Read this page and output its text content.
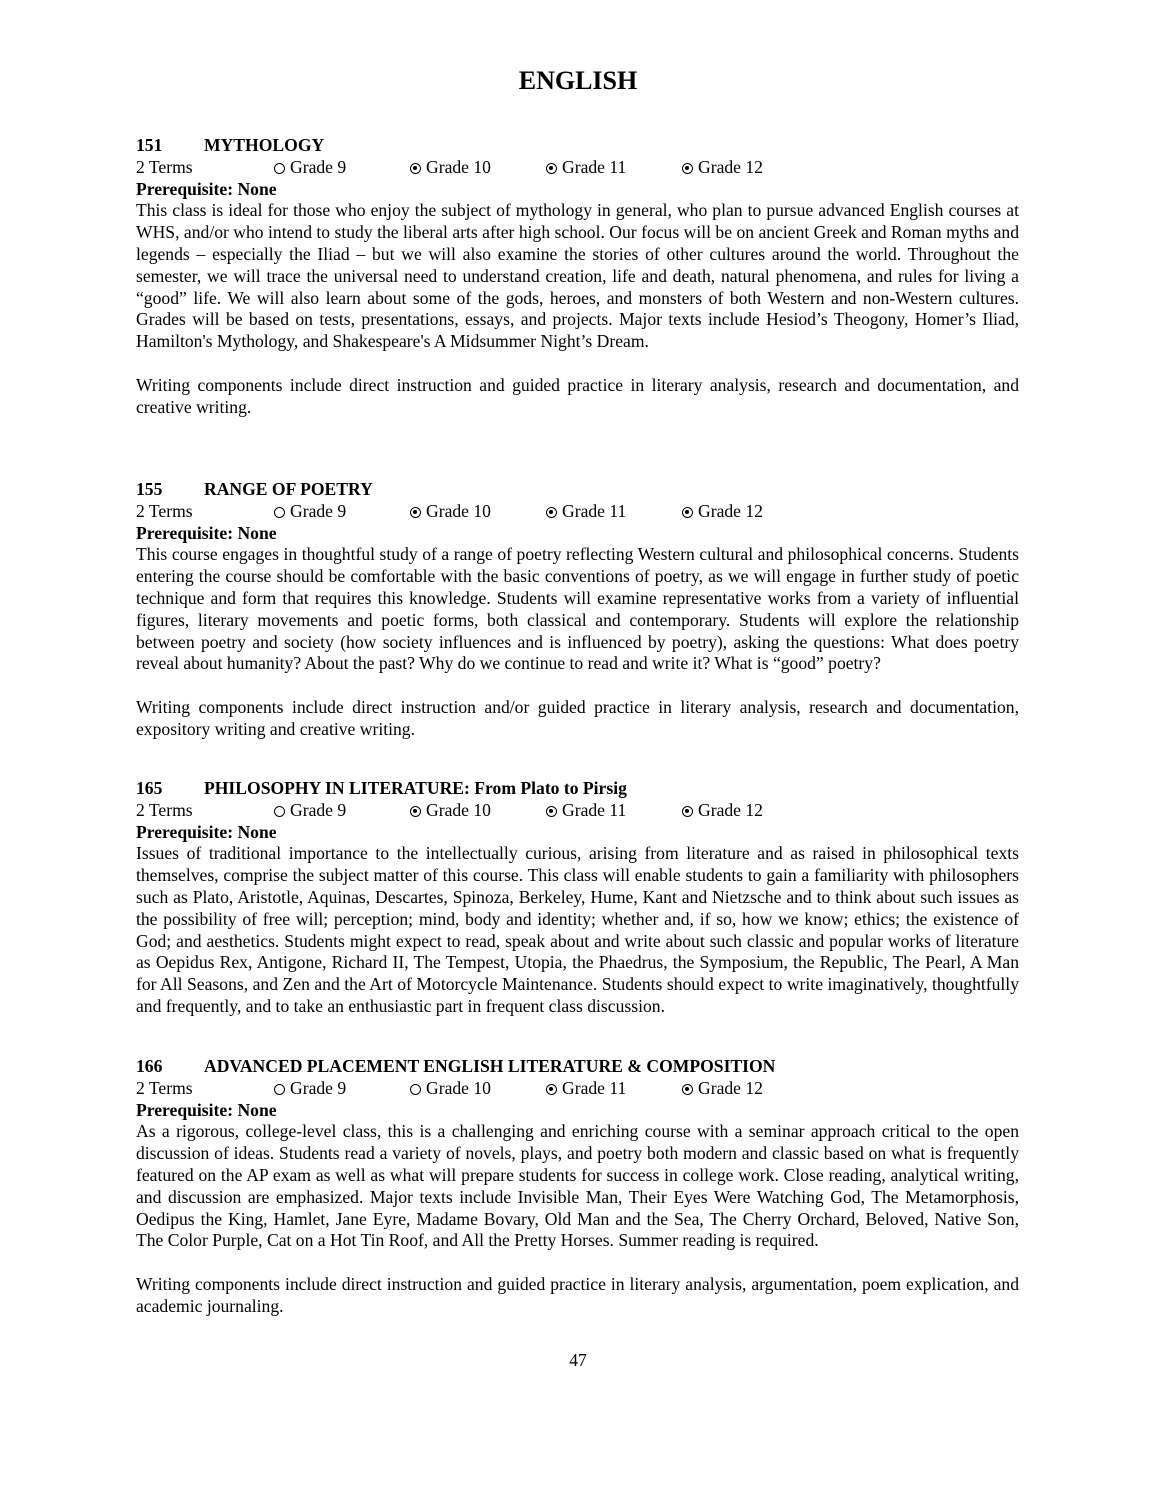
ENGLISH
151 MYTHOLOGY
2 Terms	Grade 9	Grade 10	Grade 11	Grade 12
Prerequisite: None

This class is ideal for those who enjoy the subject of mythology in general, who plan to pursue advanced English courses at WHS, and/or who intend to study the liberal arts after high school. Our focus will be on ancient Greek and Roman myths and legends – especially the Iliad – but we will also examine the stories of other cultures around the world. Throughout the semester, we will trace the universal need to understand creation, life and death, natural phenomena, and rules for living a “good” life. We will also learn about some of the gods, heroes, and monsters of both Western and non-Western cultures. Grades will be based on tests, presentations, essays, and projects. Major texts include Hesiod’s Theogony, Homer’s Iliad, Hamilton's Mythology, and Shakespeare's A Midsummer Night’s Dream.

Writing components include direct instruction and guided practice in literary analysis, research and documentation, and creative writing.

155 RANGE OF POETRY
2 Terms	Grade 9	Grade 10	Grade 11	Grade 12
Prerequisite: None

This course engages in thoughtful study of a range of poetry reflecting Western cultural and philosophical concerns. Students entering the course should be comfortable with the basic conventions of poetry, as we will engage in further study of poetic technique and form that requires this knowledge. Students will examine representative works from a variety of influential figures, literary movements and poetic forms, both classical and contemporary. Students will explore the relationship between poetry and society (how society influences and is influenced by poetry), asking the questions: What does poetry reveal about humanity? About the past? Why do we continue to read and write it? What is “good” poetry?

Writing components include direct instruction and/or guided practice in literary analysis, research and documentation, expository writing and creative writing.

165 PHILOSOPHY IN LITERATURE: From Plato to Pirsig
2 Terms	Grade 9	Grade 10	Grade 11	Grade 12
Prerequisite: None

Issues of traditional importance to the intellectually curious, arising from literature and as raised in philosophical texts themselves, comprise the subject matter of this course. This class will enable students to gain a familiarity with philosophers such as Plato, Aristotle, Aquinas, Descartes, Spinoza, Berkeley, Hume, Kant and Nietzsche and to think about such issues as the possibility of free will; perception; mind, body and identity; whether and, if so, how we know; ethics; the existence of God; and aesthetics. Students might expect to read, speak about and write about such classic and popular works of literature as Oepidus Rex, Antigone, Richard II, The Tempest, Utopia, the Phaedrus, the Symposium, the Republic, The Pearl, A Man for All Seasons, and Zen and the Art of Motorcycle Maintenance. Students should expect to write imaginatively, thoughtfully and frequently, and to take an enthusiastic part in frequent class discussion.

166 ADVANCED PLACEMENT ENGLISH LITERATURE & COMPOSITION
2 Terms	Grade 9	Grade 10	Grade 11	Grade 12
Prerequisite: None

As a rigorous, college-level class, this is a challenging and enriching course with a seminar approach critical to the open discussion of ideas. Students read a variety of novels, plays, and poetry both modern and classic based on what is frequently featured on the AP exam as well as what will prepare students for success in college work. Close reading, analytical writing, and discussion are emphasized. Major texts include Invisible Man, Their Eyes Were Watching God, The Metamorphosis, Oedipus the King, Hamlet, Jane Eyre, Madame Bovary, Old Man and the Sea, The Cherry Orchard, Beloved, Native Son, The Color Purple, Cat on a Hot Tin Roof, and All the Pretty Horses. Summer reading is required.

Writing components include direct instruction and guided practice in literary analysis, argumentation, poem explication, and academic journaling.

47
